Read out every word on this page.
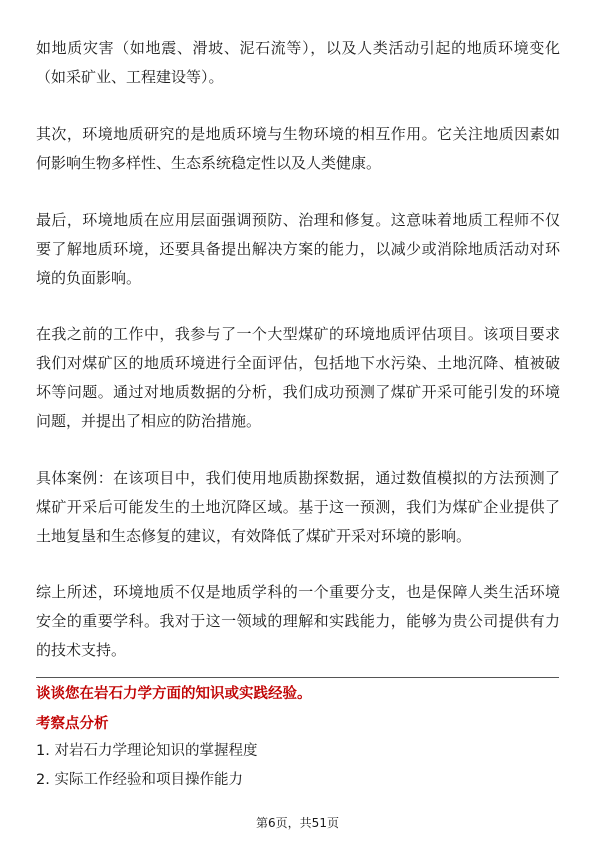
如地质灾害（如地震、滑坡、泥石流等），以及人类活动引起的地质环境变化（如采矿业、工程建设等）。

其次，环境地质研究的是地质环境与生物环境的相互作用。它关注地质因素如何影响生物多样性、生态系统稳定性以及人类健康。

最后，环境地质在应用层面强调预防、治理和修复。这意味着地质工程师不仅要了解地质环境，还要具备提出解决方案的能力，以减少或消除地质活动对环境的负面影响。

在我之前的工作中，我参与了一个大型煤矿的环境地质评估项目。该项目要求我们对煤矿区的地质环境进行全面评估，包括地下水污染、土地沉降、植被破坏等问题。通过对地质数据的分析，我们成功预测了煤矿开采可能引发的环境问题，并提出了相应的防治措施。

具体案例：在该项目中，我们使用地质勘探数据，通过数值模拟的方法预测了煤矿开采后可能发生的土地沉降区域。基于这一预测，我们为煤矿企业提供了土地复垦和生态修复的建议，有效降低了煤矿开采对环境的影响。

综上所述，环境地质不仅是地质学科的一个重要分支，也是保障人类生活环境安全的重要学科。我对于这一领域的理解和实践能力，能够为贵公司提供有力的技术支持。

谈谈您在岩石力学方面的知识或实践经验。

考察点分析

1. 对岩石力学理论知识的掌握程度

2. 实际工作经验和项目操作能力

第6页，共51页
